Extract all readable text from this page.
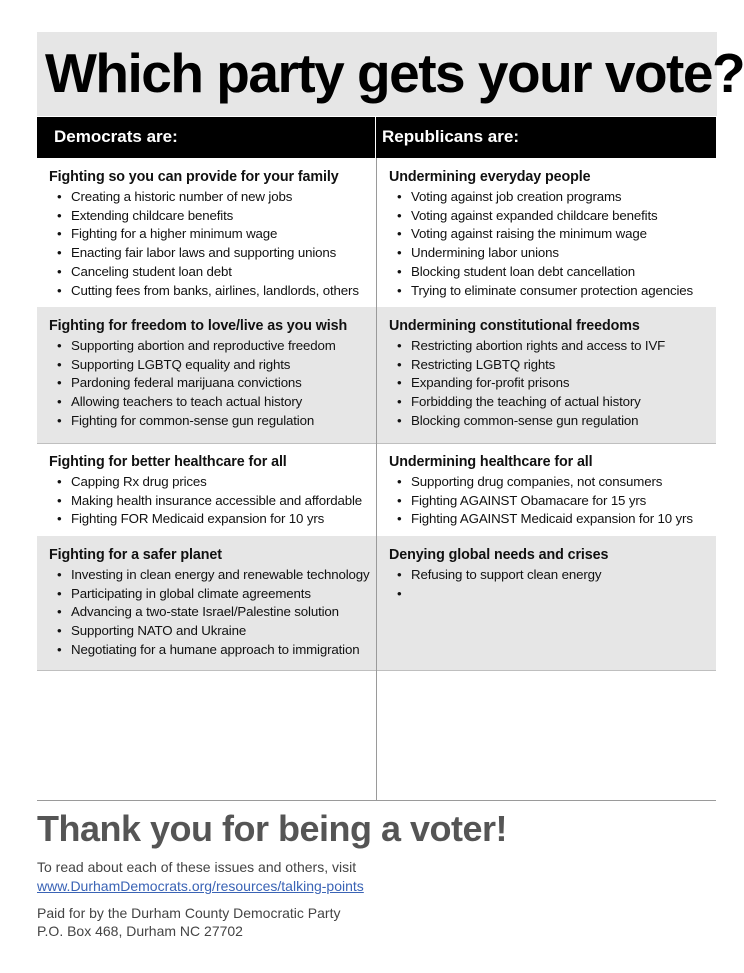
Which party gets your vote?
Democrats are:	Republicans are:
Fighting so you can provide for your family
• Creating a historic number of new jobs
• Extending childcare benefits
• Fighting for a higher minimum wage
• Enacting fair labor laws and supporting unions
• Canceling student loan debt
• Cutting fees from banks, airlines, landlords, others
Undermining everyday people
• Voting against job creation programs
• Voting against expanded childcare benefits
• Voting against raising the minimum wage
• Undermining labor unions
• Blocking student loan debt cancellation
• Trying to eliminate consumer protection agencies
Fighting for freedom to love/live as you wish
• Supporting abortion and reproductive freedom
• Supporting LGBTQ equality and rights
• Pardoning federal marijuana convictions
• Allowing teachers to teach actual history
• Fighting for common-sense gun regulation
Undermining constitutional freedoms
• Restricting abortion rights and access to IVF
• Restricting LGBTQ rights
• Expanding for-profit prisons
• Forbidding the teaching of actual history
• Blocking common-sense gun regulation
Fighting for better healthcare for all
• Capping Rx drug prices
• Making health insurance accessible and affordable
• Fighting FOR Medicaid expansion for 10 yrs
Undermining healthcare for all
• Supporting drug companies, not consumers
• Fighting AGAINST Obamacare for 15 yrs
• Fighting AGAINST Medicaid expansion for 10 yrs
Fighting for a safer planet
• Investing in clean energy and renewable technology
• Participating in global climate agreements
• Advancing a two-state Israel/Palestine solution
• Supporting NATO and Ukraine
• Negotiating for a humane approach to immigration
Denying global needs and crises
• Refusing to support clean energy
Thank you for being a voter!
To read about each of these issues and others, visit
www.DurhamDemocrats.org/resources/talking-points
Paid for by the Durham County Democratic Party
P.O. Box 468, Durham NC 27702
